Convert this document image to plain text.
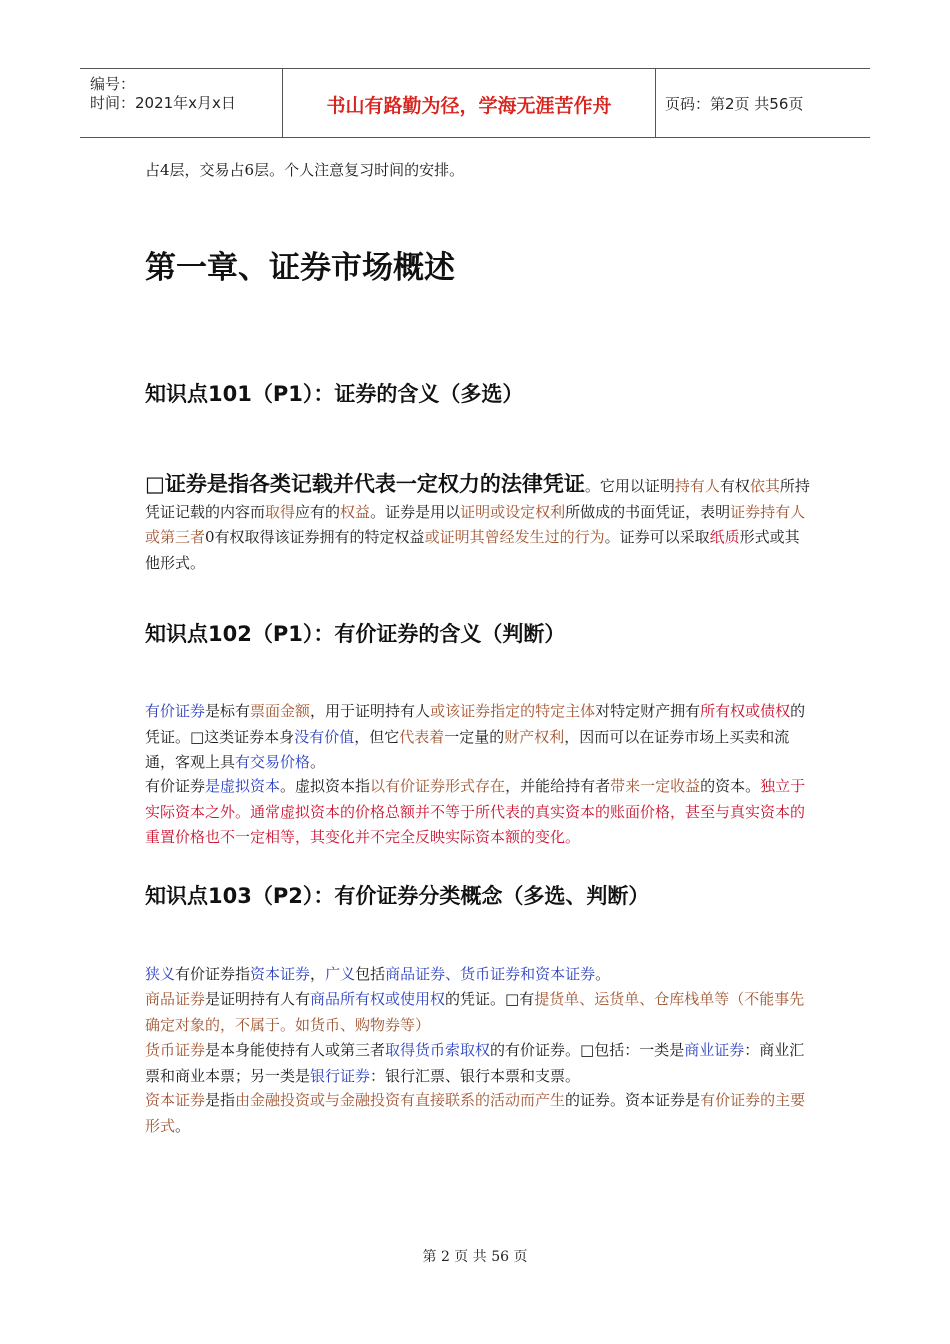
编号：
时间：2021年x月x日	书山有路勤为径，学海无涯苦作舟	页码：第2页 共56页
占4层，交易占6层。个人注意复习时间的安排。
第一章、证券市场概述
知识点101（P1）：证券的含义（多选）
□证券是指各类记载并代表一定权力的法律凭证。它用以证明持有人有权依其所持凭证记载的内容而取得应有的权益。证券是用以证明或设定权利所做成的书面凭证，表明证券持有人或第三者0有权取得该证券拥有的特定权益或证明其曾经发生过的行为。证券可以采取纸质形式或其他形式。
知识点102（P1）：有价证券的含义（判断）
有价证券是标有票面金额，用于证明持有人或该证券指定的特定主体对特定财产拥有所有权或债权的凭证。□这类证券本身没有价值，但它代表着一定量的财产权利，因而可以在证券市场上买卖和流通，客观上具有交易价格。
有价证券是虚拟资本。虚拟资本指以有价证券形式存在，并能给持有者带来一定收益的资本。独立于实际资本之外。通常虚拟资本的价格总额并不等于所代表的真实资本的账面价格，甚至与真实资本的重置价格也不一定相等，其变化并不完全反映实际资本额的变化。
知识点103（P2）：有价证券分类概念（多选、判断）
狭义有价证券指资本证券，广义包括商品证券、货币证券和资本证券。
商品证券是证明持有人有商品所有权或使用权的凭证。□有提货单、运货单、仓库栈单等（不能事先确定对象的，不属于。如货币、购物券等）
货币证券是本身能使持有人或第三者取得货币索取权的有价证券。□包括：一类是商业证券：商业汇票和商业本票；另一类是银行证券：银行汇票、银行本票和支票。
资本证券是指由金融投资或与金融投资有直接联系的活动而产生的证券。资本证券是有价证券的主要形式。
第 2 页 共 56 页
